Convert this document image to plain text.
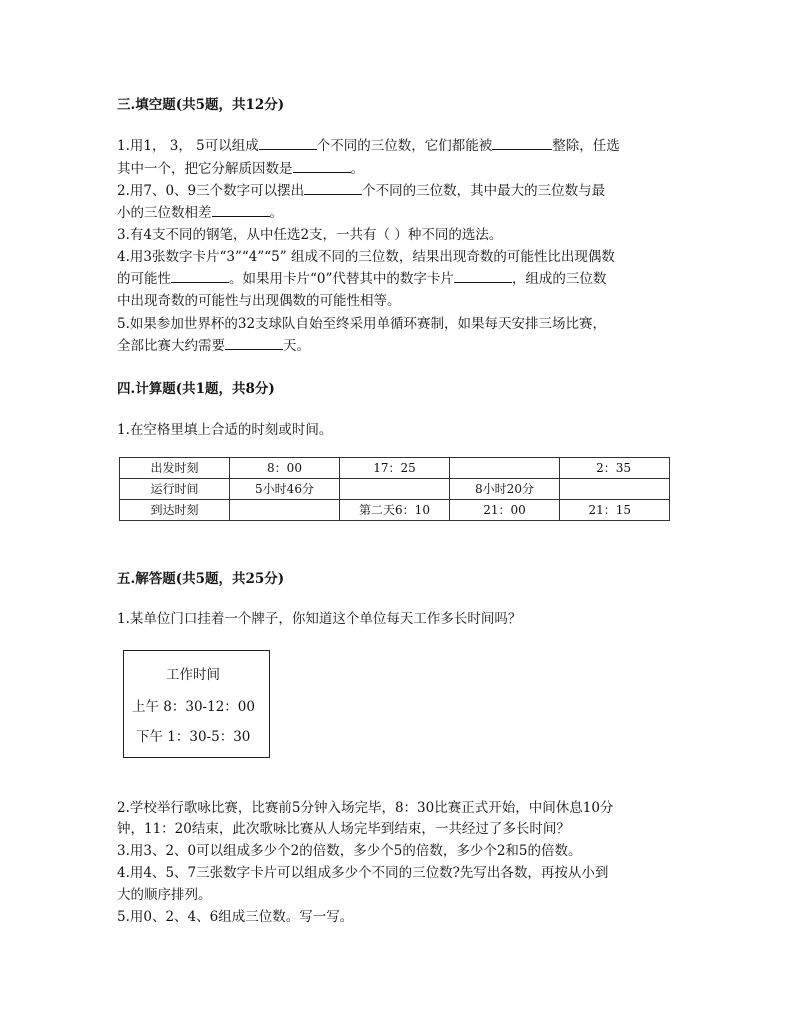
三.填空题(共5题，共12分)
1.用1， 3， 5可以组成	个不同的三位数，它们都能被	整除，任选
其中一个，把它分解质因数是	。
2.用7、0、9三个数字可以摆出	个不同的三位数，其中最大的三位数与最
小的三位数相差	。
3.有4支不同的钢笔，从中任选2支，一共有（ ）种不同的选法。
4.用3张数字卡片“3”“4”“5” 组成不同的三位数，结果出现奇数的可能性比出现偶数
的可能性	。如果用卡片“0”代替其中的数字卡片	，组成的三位数
中出现奇数的可能性与出现偶数的可能性相等。
5.如果参加世界杯的32支球队自始至终采用单循环赛制，如果每天安排三场比赛，
全部比赛大约需要	天。
四.计算题(共1题，共8分)
1.在空格里填上合适的时刻或时间。
出发时刻	8：00	17：25		2：35
运行时间	5小时46分		8小时20分	
到达时刻		第二天6：10	21：00	21：15
五.解答题(共5题，共25分)
1.某单位门口挂着一个牌子，你知道这个单位每天工作多长时间吗？
工作时间
上午 8：30-12：00
下午 1：30-5：30
2.学校举行歌咏比赛，比赛前5分钟入场完毕，8：30比赛正式开始，中间休息10分
钟，11：20结束，此次歌咏比赛从人场完毕到结束，一共经过了多长时间？
3.用3、2、0可以组成多少个2的倍数，多少个5的倍数，多少个2和5的倍数。
4.用4、5、7三张数字卡片可以组成多少个不同的三位数?先写出各数，再按从小到
大的顺序排列。
5.用0、2、4、6组成三位数。写一写。
